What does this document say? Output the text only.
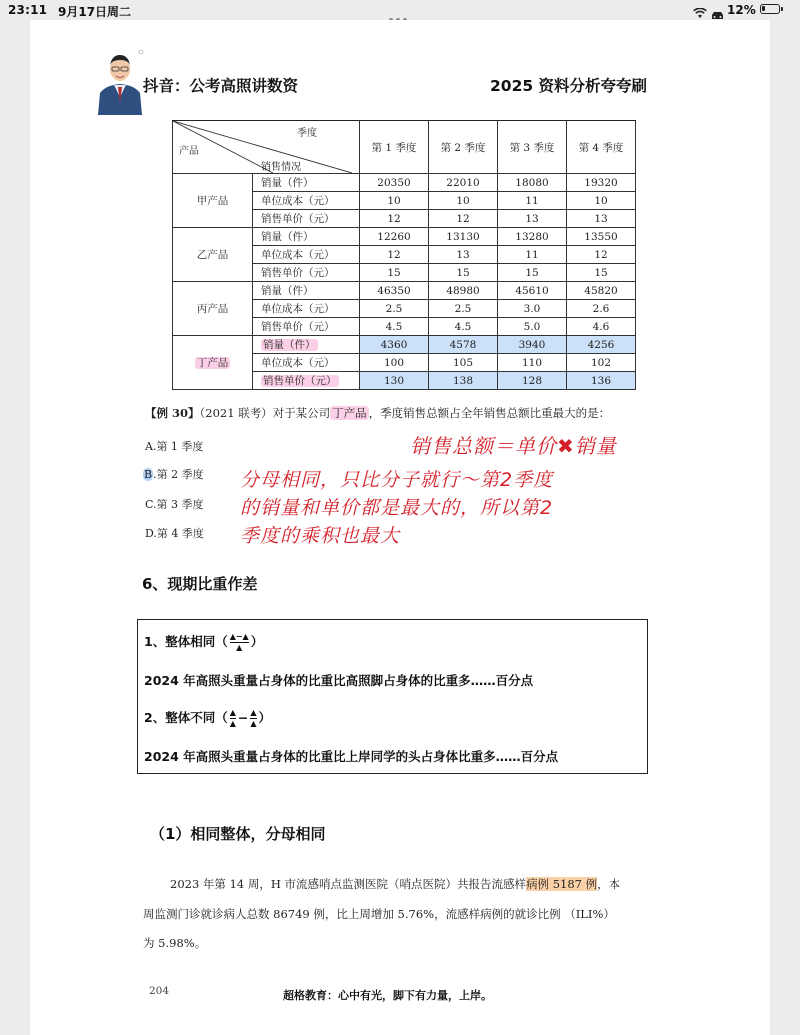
23:11 9月17日周二	12%
抖音：公考高照讲数资	2025 资料分析夸夸刷
季度
产品
销售情况		第 1 季度	第 2 季度	第 3 季度	第 4 季度
甲产品	销量（件）	20350	22010	18080	19320
	单位成本（元）	10	10	11	10
	销售单价（元）	12	12	13	13
乙产品	销量（件）	12260	13130	13280	13550
	单位成本（元）	12	13	11	12
	销售单价（元）	15	15	15	15
丙产品	销量（件）	46350	48980	45610	45820
	单位成本（元）	2.5	2.5	3.0	2.6
	销售单价（元）	4.5	4.5	5.0	4.6
丁产品	销量（件）	4360	4578	3940	4256
	单位成本（元）	100	105	110	102
	销售单价（元）	130	138	128	136
【例 30】（2021 联考）对于某公司 丁产品 ，季度销售总额占全年销售总额比重最大的是：
A.第 1 季度
B.第 2 季度
C.第 3 季度
D.第 4 季度
销售总额＝单价✖销量
分母相同，只比分子就行～第2季度
的销量和单价都是最大的，所以第2
季度的乘积也最大
6、现期比重作差
1、整体相同（ $\frac{▲-▲}{▲}$ ）
2024 年高照头重量占身体的比重比高照脚占身体的比重多……百分点
2、整体不同（ $\frac{▲}{▲} - \frac{▲}{▲}$ ）
2024 年高照头重量占身体的比重比上岸同学的头占身体比重多……百分点
（1）相同整体，分母相同
2023 年第 14 周，H 市流感哨点监测医院（哨点医院）共报告流感样病例 5187 例，本
周监测门诊就诊病人总数 86749 例，比上周增加 5.76%，流感样病例的就诊比例 （ILI%）
为 5.98%。
204	超格教育：心中有光，脚下有力量，上岸。
